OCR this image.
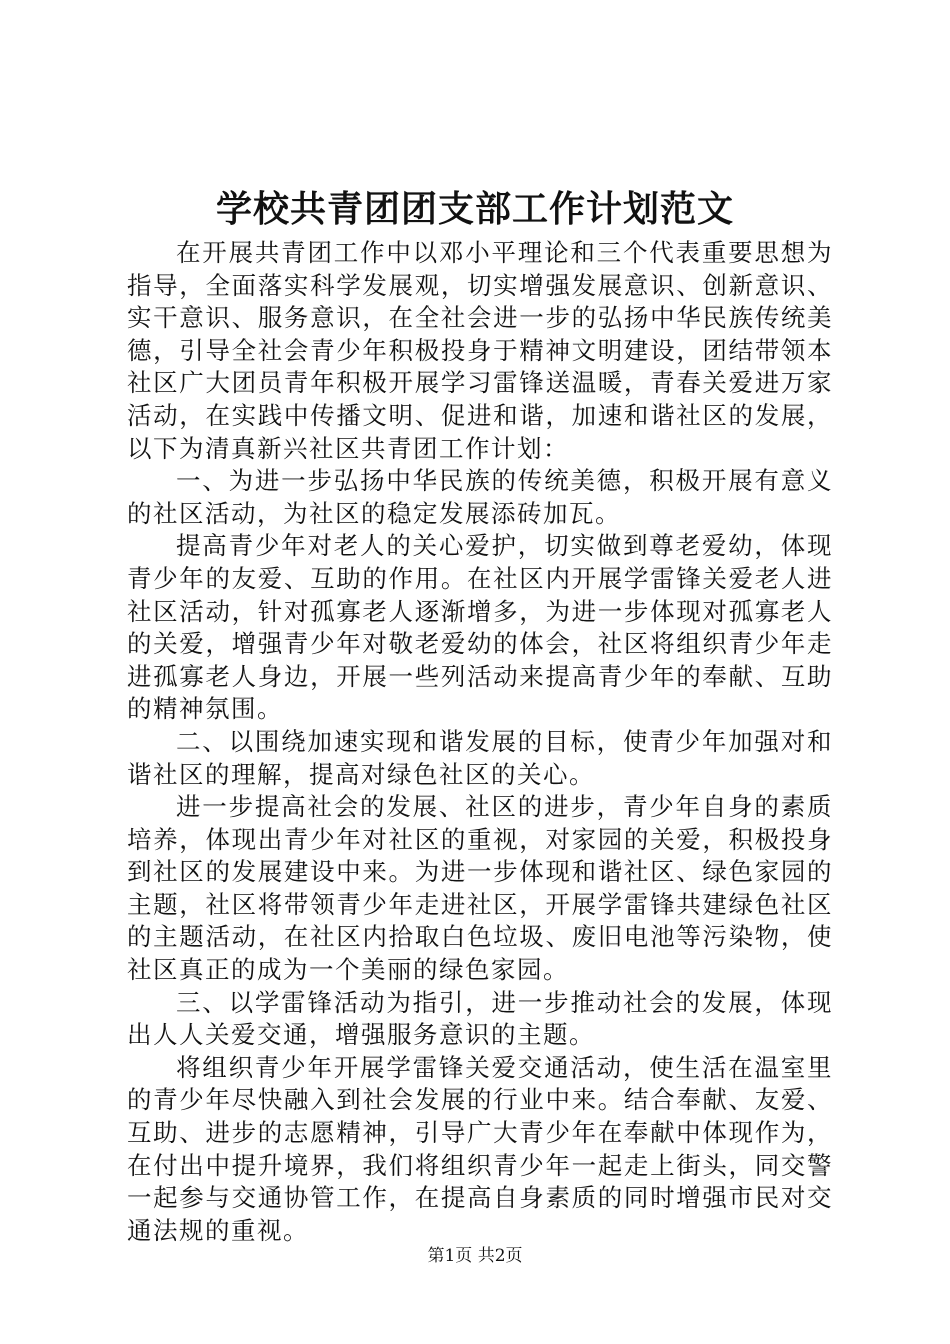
学校共青团团支部工作计划范文

在开展共青团工作中以邓小平理论和三个代表重要思想为指导，全面落实科学发展观，切实增强发展意识、创新意识、实干意识、服务意识，在全社会进一步的弘扬中华民族传统美德，引导全社会青少年积极投身于精神文明建设，团结带领本社区广大团员青年积极开展学习雷锋送温暖，青春关爱进万家活动，在实践中传播文明、促进和谐，加速和谐社区的发展，以下为清真新兴社区共青团工作计划：

一、为进一步弘扬中华民族的传统美德，积极开展有意义的社区活动，为社区的稳定发展添砖加瓦。

提高青少年对老人的关心爱护，切实做到尊老爱幼，体现青少年的友爱、互助的作用。在社区内开展学雷锋关爱老人进社区活动，针对孤寡老人逐渐增多，为进一步体现对孤寡老人的关爱，增强青少年对敬老爱幼的体会，社区将组织青少年走进孤寡老人身边，开展一些列活动来提高青少年的奉献、互助的精神氛围。

二、以围绕加速实现和谐发展的目标，使青少年加强对和谐社区的理解，提高对绿色社区的关心。

进一步提高社会的发展、社区的进步，青少年自身的素质培养，体现出青少年对社区的重视，对家园的关爱，积极投身到社区的发展建设中来。为进一步体现和谐社区、绿色家园的主题，社区将带领青少年走进社区，开展学雷锋共建绿色社区的主题活动，在社区内拾取白色垃圾、废旧电池等污染物，使社区真正的成为一个美丽的绿色家园。

三、以学雷锋活动为指引，进一步推动社会的发展，体现出人人关爱交通，增强服务意识的主题。

将组织青少年开展学雷锋关爱交通活动，使生活在温室里的青少年尽快融入到社会发展的行业中来。结合奉献、友爱、互助、进步的志愿精神，引导广大青少年在奉献中体现作为，在付出中提升境界，我们将组织青少年一起走上街头，同交警一起参与交通协管工作，在提高自身素质的同时增强市民对交通法规的重视。

第1页 共2页
